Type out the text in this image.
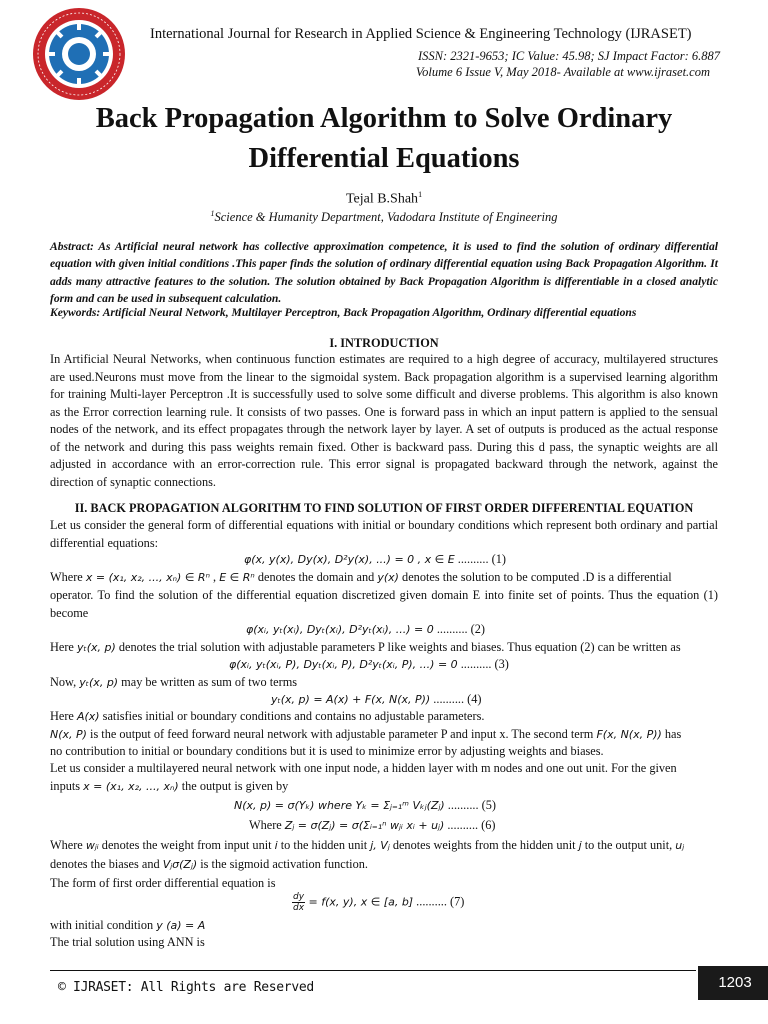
International Journal for Research in Applied Science & Engineering Technology (IJRASET)
ISSN: 2321-9653; IC Value: 45.98; SJ Impact Factor: 6.887
Volume 6 Issue V, May 2018- Available at www.ijraset.com
Back Propagation Algorithm to Solve Ordinary Differential Equations
Tejal B.Shah$^1$
$^1$Science & Humanity Department, Vadodara Institute of Engineering

Abstract: As Artificial neural network has collective approximation competence, it is used to find the solution of ordinary differential equation with given initial conditions .This paper finds the solution of ordinary differential equation using Back Propagation Algorithm. It adds many attractive features to the solution. The solution obtained by Back Propagation Algorithm is differentiable in a closed analytic form and can be used in subsequent calculation.

Keywords: Artificial Neural Network, Multilayer Perceptron, Back Propagation Algorithm, Ordinary differential equations

I. INTRODUCTION

In Artificial Neural Networks, when continuous function estimates are required to a high degree of accuracy, multilayered structures are used.Neurons must move from the linear to the sigmoidal system. Back propagation algorithm is a supervised learning algorithm for training Multi-layer Perceptron .It is successfully used to solve some difficult and diverse problems. This algorithm is also known as the Error correction learning rule. It consists of two passes. One is forward pass in which an input pattern is applied to the sensual nodes of the network, and its effect propagates through the network layer by layer. A set of outputs is produced as the actual response of the network and during this pass weights remain fixed. Other is backward pass. During this d pass, the synaptic weights are all adjusted in accordance with an error-correction rule. This error signal is propagated backward through the network, against the direction of synaptic connections.

II. BACK PROPAGATION ALGORITHM TO FIND SOLUTION OF FIRST ORDER DIFFERENTIAL EQUATION

Let us consider the general form of differential equations with initial or boundary conditions which represent both ordinary and partial differential equations:

φ(x, y(x), Dy(x), D²y(x), ...) = 0 , x ∈ E .......... (1)

Where x = (x₁, x₂, ..., xₙ) ∈ Rⁿ , E ∈ Rⁿ denotes the domain and y(x) denotes the solution to be computed .D is a differential

operator. To find the solution of the differential equation discretized given domain E into finite set of points. Thus the equation (1) become

φ(xᵢ, yₜ(xᵢ), Dyₜ(xᵢ), D²yₜ(xᵢ), ...) = 0 .......... (2)

Here yₜ(x, p) denotes the trial solution with adjustable parameters P like weights and biases. Thus equation (2) can be written as

φ(xᵢ, yₜ(xᵢ, P), Dyₜ(xᵢ, P), D²yₜ(xᵢ, P), ...) = 0 .......... (3)

Now, yₜ(x, p) may be written as sum of two terms

yₜ(x, p) = A(x) + F(x, N(x, P)) .......... (4)

Here A(x) satisfies initial or boundary conditions and contains no adjustable parameters.

N(x, P) is the output of feed forward neural network with adjustable parameter P and input x. The second term F(x, N(x, P)) has

no contribution to initial or boundary conditions but it is used to minimize error by adjusting weights and biases.

Let us consider a multilayered neural network with one input node, a hidden layer with m nodes and one out unit. For the given

inputs x = (x₁, x₂, ..., xₙ) the output is given by

N(x, p) = σ(Yₖ) where Yₖ = Σⱼ₌₁ᵐ Vₖⱼ(Zⱼ) .......... (5)

Where Zⱼ = σ(Zⱼ) = σ(Σᵢ₌₁ⁿ wⱼᵢ xᵢ + uⱼ) .......... (6)

Where wⱼᵢ denotes the weight from input unit i to the hidden unit j, Vⱼ denotes weights from the hidden unit j to the output unit, uⱼ

denotes the biases and Vⱼσ(Zⱼ) is the sigmoid activation function.

The form of first order differential equation is

$\frac{dy}{dx} = f(x$, y), x ∈ [a, b] .......... (7)

with initial condition y (a) = A

The trial solution using ANN is

© IJRASET: All Rights are Reserved	1203
